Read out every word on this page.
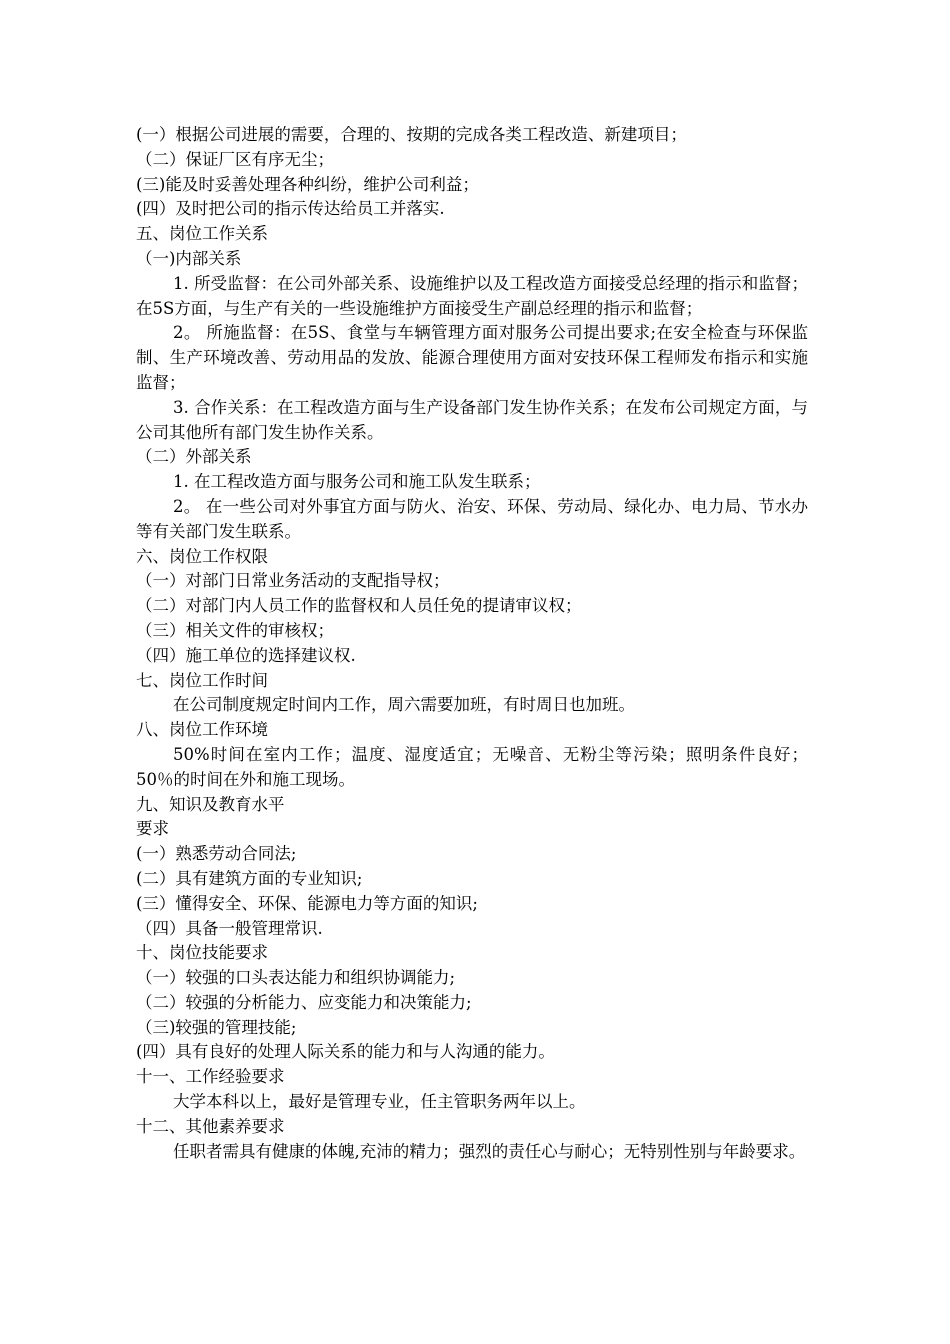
(一）根据公司进展的需要，合理的、按期的完成各类工程改造、新建项目；

（二）保证厂区有序无尘；

(三)能及时妥善处理各种纠纷，维护公司利益；

(四）及时把公司的指示传达给员工并落实.

五、岗位工作关系

（一)内部关系

1. 所受监督：在公司外部关系、设施维护以及工程改造方面接受总经理的指示和监督；在5S方面，与生产有关的一些设施维护方面接受生产副总经理的指示和监督；

2。 所施监督：在5S、食堂与车辆管理方面对服务公司提出要求;在安全检查与环保监制、生产环境改善、劳动用品的发放、能源合理使用方面对安技环保工程师发布指示和实施监督；

3. 合作关系：在工程改造方面与生产设备部门发生协作关系；在发布公司规定方面，与公司其他所有部门发生协作关系。

（二）外部关系

1. 在工程改造方面与服务公司和施工队发生联系；

2。 在一些公司对外事宜方面与防火、治安、环保、劳动局、绿化办、电力局、节水办等有关部门发生联系。

六、岗位工作权限

（一）对部门日常业务活动的支配指导权；

（二）对部门内人员工作的监督权和人员任免的提请审议权；

（三）相关文件的审核权；

（四）施工单位的选择建议权.

七、岗位工作时间

在公司制度规定时间内工作，周六需要加班，有时周日也加班。

八、岗位工作环境

50%时间在室内工作；温度、湿度适宜；无噪音、无粉尘等污染；照明条件良好；50％的时间在外和施工现场。

九、知识及教育水平

要求

(一）熟悉劳动合同法;

(二）具有建筑方面的专业知识;

(三）懂得安全、环保、能源电力等方面的知识;

（四）具备一般管理常识.

十、岗位技能要求

（一）较强的口头表达能力和组织协调能力;

（二）较强的分析能力、应变能力和决策能力;

（三)较强的管理技能;

(四）具有良好的处理人际关系的能力和与人沟通的能力。

十一、工作经验要求

大学本科以上，最好是管理专业，任主管职务两年以上。

十二、其他素养要求

任职者需具有健康的体魄,充沛的精力；强烈的责任心与耐心；无特别性别与年龄要求。
